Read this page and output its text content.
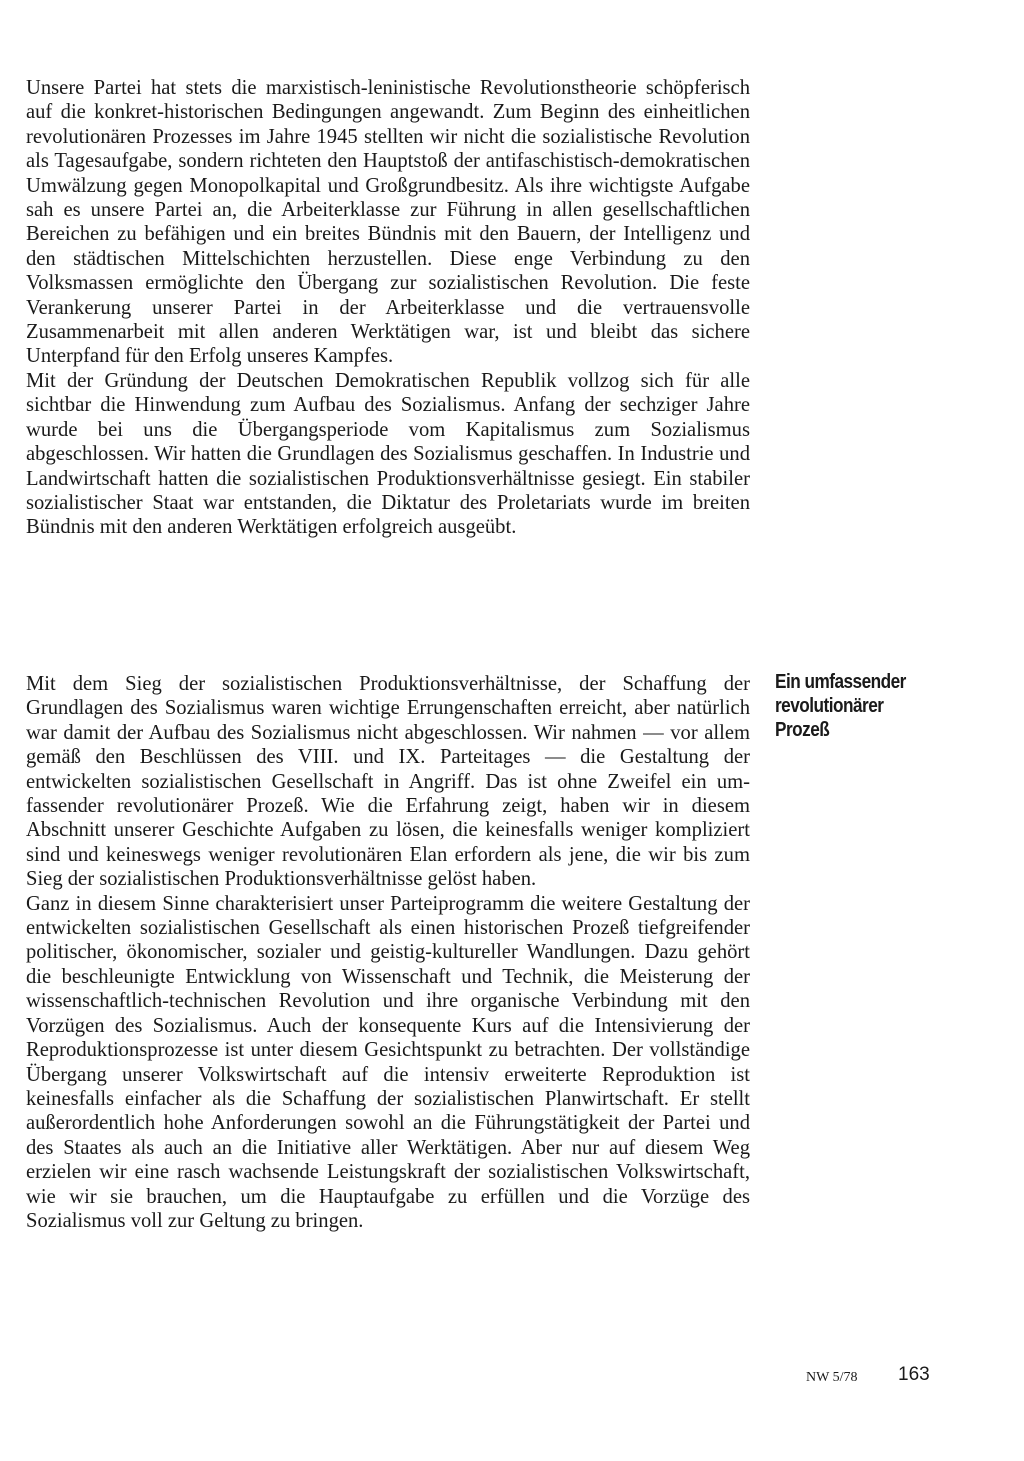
Unsere Partei hat stets die marxistisch-leninistische Revolutionstheorie schöpferisch auf die konkret-historischen Bedingungen angewandt. Zum Beginn des einheitlichen revolutionären Prozesses im Jahre 1945 stellten wir nicht die sozialistische Revolution als Tagesaufgabe, sondern richteten den Hauptstoß der antifaschistisch-demokratischen Umwälzung gegen Monopolkapital und Großgrundbesitz. Als ihre wichtigste Aufgabe sah es unsere Partei an, die Arbeiterklasse zur Führung in allen gesellschaftlichen Bereichen zu befähigen und ein breites Bündnis mit den Bauern, der Intelligenz und den städtischen Mittelschichten herzustellen. Diese enge Verbindung zu den Volksmassen ermöglichte den Übergang zur sozialistischen Revolution. Die feste Verankerung unserer Partei in der Arbeiterklasse und die vertrauensvolle Zusammenarbeit mit allen anderen Werktätigen war, ist und bleibt das sichere Unterpfand für den Erfolg unseres Kampfes.

Mit der Gründung der Deutschen Demokratischen Republik vollzog sich für alle sichtbar die Hinwendung zum Aufbau des Sozialismus. Anfang der sechziger Jahre wurde bei uns die Übergangsperiode vom Kapitalismus zum Sozialismus abgeschlossen. Wir hatten die Grundlagen des Sozialismus geschaffen. In Industrie und Landwirtschaft hatten die sozialistischen Produktionsverhältnisse gesiegt. Ein stabiler sozialistischer Staat war entstanden, die Diktatur des Proletariats wurde im breiten Bündnis mit den anderen Werktätigen erfolgreich ausgeübt.

Ein umfassender
revolutionärer
Prozeß

Mit dem Sieg der sozialistischen Produktionsverhältnisse, der Schaffung der Grundlagen des Sozialismus waren wichtige Errungenschaften erreicht, aber natürlich war damit der Aufbau des Sozialismus nicht abgeschlossen. Wir nahmen — vor allem gemäß den Beschlüssen des VIII. und IX. Parteitages — die Gestaltung der entwickelten sozialistischen Gesellschaft in Angriff. Das ist ohne Zweifel ein umfassender revolutionärer Prozeß. Wie die Erfahrung zeigt, haben wir in diesem Abschnitt unserer Geschichte Aufgaben zu lösen, die keinesfalls weniger kompliziert sind und keineswegs weniger revolutionären Elan erfordern als jene, die wir bis zum Sieg der sozialistischen Produktionsverhältnisse gelöst haben.

Ganz in diesem Sinne charakterisiert unser Parteiprogramm die weitere Gestaltung der entwickelten sozialistischen Gesellschaft als einen historischen Prozeß tiefgreifender politischer, ökonomischer, sozialer und geistig-kultureller Wandlungen. Dazu gehört die beschleunigte Entwicklung von Wissenschaft und Technik, die Meisterung der wissenschaftlich-technischen Revolution und ihre organische Verbindung mit den Vorzügen des Sozialismus. Auch der konsequente Kurs auf die Intensivierung der Reproduktionsprozesse ist unter diesem Gesichtspunkt zu betrachten. Der vollständige Übergang unserer Volkswirtschaft auf die intensiv erweiterte Reproduktion ist keinesfalls einfacher als die Schaffung der sozialistischen Planwirtschaft. Er stellt außerordentlich hohe Anforderungen sowohl an die Führungstätigkeit der Partei und des Staates als auch an die Initiative aller Werktätigen. Aber nur auf diesem Weg erzielen wir eine rasch wachsende Leistungskraft der sozialistischen Volkswirtschaft, wie wir sie brauchen, um die Hauptaufgabe zu erfüllen und die Vorzüge des Sozialismus voll zur Geltung zu bringen.

NW 5/78 163
